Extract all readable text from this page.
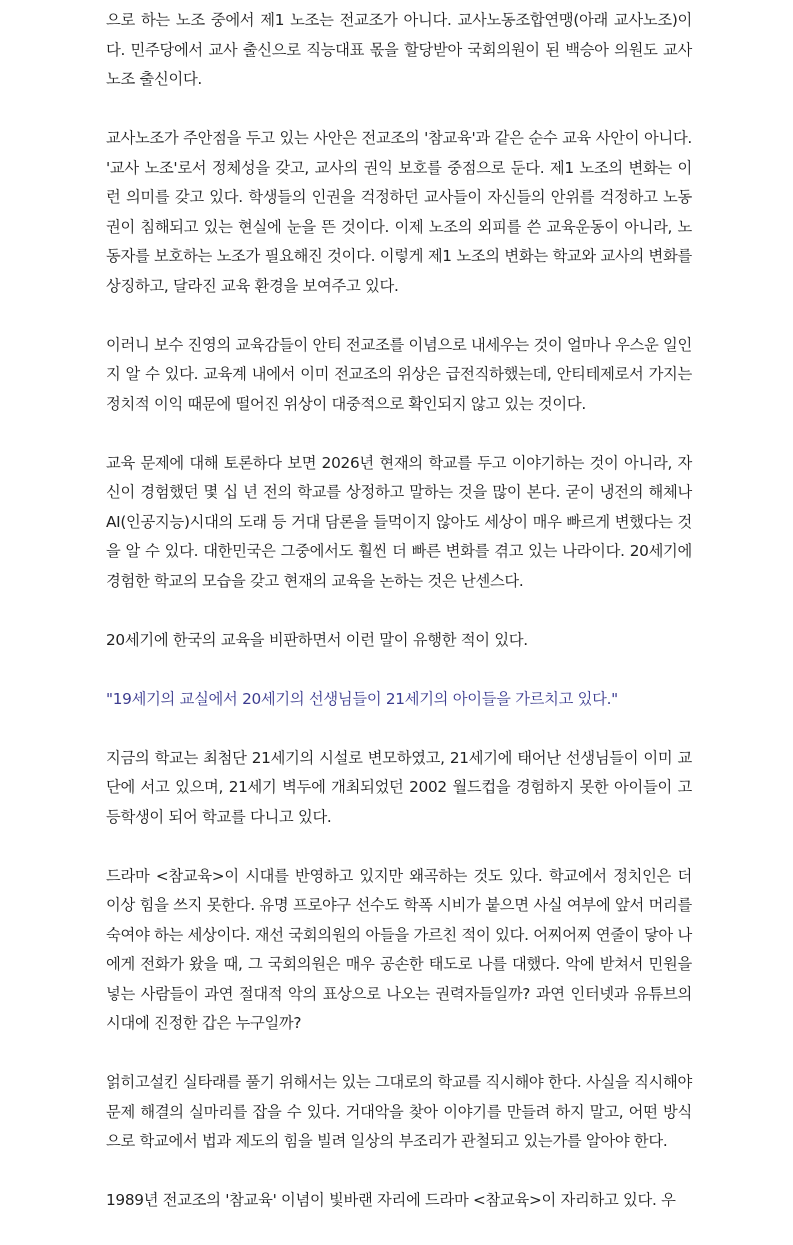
으로 하는 노조 중에서 제1 노조는 전교조가 아니다. 교사노동조합연맹(아래 교사노조)이다. 민주당에서 교사 출신으로 직능대표 몫을 할당받아 국회의원이 된 백승아 의원도 교사노조 출신이다.

교사노조가 주안점을 두고 있는 사안은 전교조의 '참교육'과 같은 순수 교육 사안이 아니다. '교사 노조'로서 정체성을 갖고, 교사의 권익 보호를 중점으로 둔다. 제1 노조의 변화는 이런 의미를 갖고 있다. 학생들의 인권을 걱정하던 교사들이 자신들의 안위를 걱정하고 노동권이 침해되고 있는 현실에 눈을 뜬 것이다. 이제 노조의 외피를 쓴 교육운동이 아니라, 노동자를 보호하는 노조가 필요해진 것이다. 이렇게 제1 노조의 변화는 학교와 교사의 변화를 상징하고, 달라진 교육 환경을 보여주고 있다.

이러니 보수 진영의 교육감들이 안티 전교조를 이념으로 내세우는 것이 얼마나 우스운 일인지 알 수 있다. 교육계 내에서 이미 전교조의 위상은 급전직하했는데, 안티테제로서 가지는 정치적 이익 때문에 떨어진 위상이 대중적으로 확인되지 않고 있는 것이다.

교육 문제에 대해 토론하다 보면 2026년 현재의 학교를 두고 이야기하는 것이 아니라, 자신이 경험했던 몇 십 년 전의 학교를 상정하고 말하는 것을 많이 본다. 굳이 냉전의 해체나 AI(인공지능)시대의 도래 등 거대 담론을 들먹이지 않아도 세상이 매우 빠르게 변했다는 것을 알 수 있다. 대한민국은 그중에서도 훨씬 더 빠른 변화를 겪고 있는 나라이다. 20세기에 경험한 학교의 모습을 갖고 현재의 교육을 논하는 것은 난센스다.

20세기에 한국의 교육을 비판하면서 이런 말이 유행한 적이 있다.

"19세기의 교실에서 20세기의 선생님들이 21세기의 아이들을 가르치고 있다."

지금의 학교는 최첨단 21세기의 시설로 변모하였고, 21세기에 태어난 선생님들이 이미 교단에 서고 있으며, 21세기 벽두에 개최되었던 2002 월드컵을 경험하지 못한 아이들이 고등학생이 되어 학교를 다니고 있다.

드라마 <참교육>이 시대를 반영하고 있지만 왜곡하는 것도 있다. 학교에서 정치인은 더 이상 힘을 쓰지 못한다. 유명 프로야구 선수도 학폭 시비가 붙으면 사실 여부에 앞서 머리를 숙여야 하는 세상이다. 재선 국회의원의 아들을 가르친 적이 있다. 어찌어찌 연줄이 닿아 나에게 전화가 왔을 때, 그 국회의원은 매우 공손한 태도로 나를 대했다. 악에 받쳐서 민원을 넣는 사람들이 과연 절대적 악의 표상으로 나오는 권력자들일까? 과연 인터넷과 유튜브의 시대에 진정한 갑은 누구일까?

얽히고설킨 실타래를 풀기 위해서는 있는 그대로의 학교를 직시해야 한다. 사실을 직시해야 문제 해결의 실마리를 잡을 수 있다. 거대악을 찾아 이야기를 만들려 하지 말고, 어떤 방식으로 학교에서 법과 제도의 힘을 빌려 일상의 부조리가 관철되고 있는가를 알아야 한다.

1989년 전교조의 '참교육' 이념이 빛바랜 자리에 드라마 <참교육>이 자리하고 있다. 우
